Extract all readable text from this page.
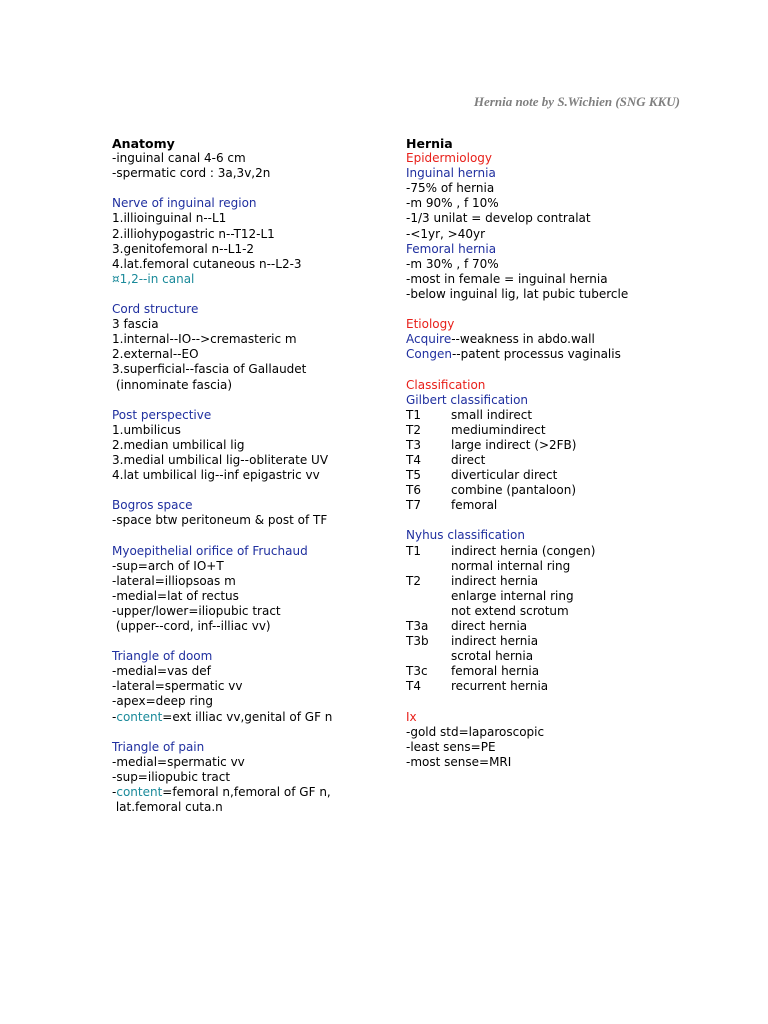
Hernia note by S.Wichien (SNG KKU)
Anatomy
-inguinal canal 4-6 cm
-spermatic cord : 3a,3v,2n
Nerve of inguinal region
1.illioinguinal n--L1
2.illiohypogastric n--T12-L1
3.genitofemoral n--L1-2
4.lat.femoral cutaneous n--L2-3
¤1,2--in canal
Cord structure
3 fascia
1.internal--IO-->cremasteric m
2.external--EO
3.superficial--fascia of Gallaudet
(innominate fascia)
Post perspective
1.umbilicus
2.median umbilical lig
3.medial umbilical lig--obliterate UV
4.lat umbilical lig--inf epigastric vv
Bogros space
-space btw peritoneum & post of TF
Myoepithelial orifice of Fruchaud
-sup=arch of IO+T
-lateral=illiopsoas m
-medial=lat of rectus
-upper/lower=iliopubic tract
(upper--cord, inf--illiac vv)
Triangle of doom
-medial=vas def
-lateral=spermatic vv
-apex=deep ring
-content=ext illiac vv,genital of GF n
Triangle of pain
-medial=spermatic vv
-sup=iliopubic tract
-content=femoral n,femoral of GF n,
lat.femoral cuta.n
Hernia
Epidermiology
Inguinal hernia
-75% of hernia
-m 90% , f 10%
-1/3 unilat = develop contralat
-<1yr, >40yr
Femoral hernia
-m 30% , f 70%
-most in female = inguinal hernia
-below inguinal lig, lat pubic tubercle
Etiology
Acquire--weakness in abdo.wall
Congen--patent processus vaginalis
Classification
Gilbert classification
T1	small indirect
T2	mediumindirect
T3	large indirect (>2FB)
T4	direct
T5	diverticular direct
T6	combine (pantaloon)
T7	femoral
Nyhus classification
T1	indirect hernia (congen)
normal internal ring
T2	indirect hernia
enlarge internal ring
not extend scrotum
T3a direct hernia
T3b indirect hernia
scrotal hernia
T3c femoral hernia
T4	recurrent hernia
Ix
-gold std=laparoscopic
-least sens=PE
-most sense=MRI
